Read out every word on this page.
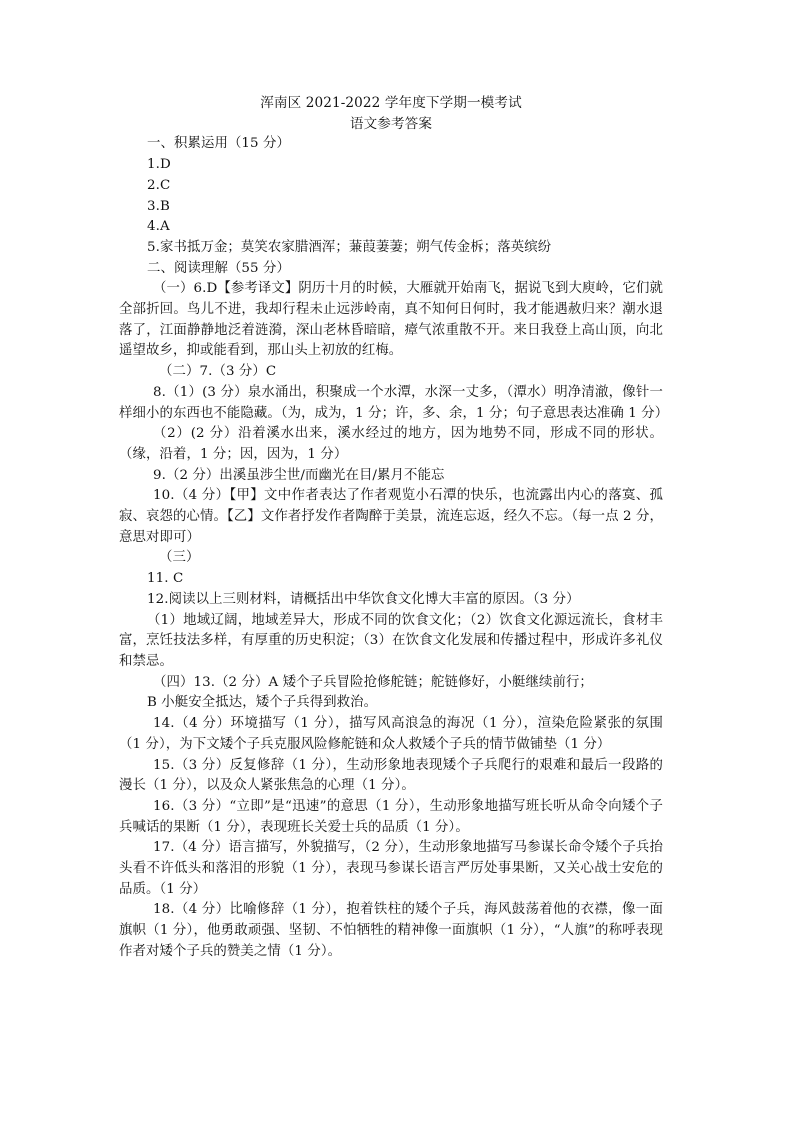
浑南区 2021-2022 学年度下学期一模考试

语文参考答案

一、积累运用（15 分）

1.D

2.C

3.B

4.A

5.家书抵万金；莫笑农家腊酒浑；蒹葭萋萋；朔气传金柝；落英缤纷

二、阅读理解（55 分）

（一）6.D【参考译文】阴历十月的时候，大雁就开始南飞，据说飞到大庾岭，它们就全部折回。鸟儿不进，我却行程未止远涉岭南，真不知何日何时，我才能遇赦归来？潮水退落了，江面静静地泛着涟漪，深山老林昏暗暗，瘴气浓重散不开。来日我登上高山顶，向北遥望故乡，抑或能看到，那山头上初放的红梅。

（二）7.（3 分）C

8.（1）(3 分）泉水涌出，积聚成一个水潭，水深一丈多，（潭水）明净清澈，像针一样细小的东西也不能隐藏。（为，成为，1 分；许，多、余，1 分；句子意思表达准确 1 分）

（2）(2 分）沿着溪水出来，溪水经过的地方，因为地势不同，形成不同的形状。（缘，沿着，1 分；因，因为，1 分）

9.（2 分）出溪虽涉尘世/而幽光在目/累月不能忘

10.（4 分）【甲】文中作者表达了作者观览小石潭的快乐，也流露出内心的落寞、孤寂、哀怨的心情。【乙】文作者抒发作者陶醉于美景，流连忘返，经久不忘。（每一点 2 分，意思对即可）

（三）

11. C

12.阅读以上三则材料，请概括出中华饮食文化博大丰富的原因。（3 分）

（1）地域辽阔，地域差异大，形成不同的饮食文化；（2）饮食文化源远流长，食材丰富，烹饪技法多样，有厚重的历史积淀；（3）在饮食文化发展和传播过程中，形成许多礼仪和禁忌。

（四）13.（2 分）A 矮个子兵冒险抢修舵链；舵链修好，小艇继续前行；

B 小艇安全抵达，矮个子兵得到救治。

14.（4 分）环境描写（1 分），描写风高浪急的海况（1 分），渲染危险紧张的氛围（1 分），为下文矮个子兵克服风险修舵链和众人救矮个子兵的情节做铺垫（1 分）

15.（3 分）反复修辞（1 分），生动形象地表现矮个子兵爬行的艰难和最后一段路的漫长（1 分），以及众人紧张焦急的心理（1 分）。

16.（3 分）“立即”是“迅速”的意思（1 分），生动形象地描写班长听从命令向矮个子兵喊话的果断（1 分），表现班长关爱士兵的品质（1 分）。

17.（4 分）语言描写，外貌描写，（2 分），生动形象地描写马参谋长命令矮个子兵抬头看不许低头和落泪的形貌（1 分），表现马参谋长语言严厉处事果断，又关心战士安危的品质。（1 分）

18.（4 分）比喻修辞（1 分），抱着铁柱的矮个子兵，海风鼓荡着他的衣襟，像一面旗帜（1 分），他勇敢顽强、坚韧、不怕牺牲的精神像一面旗帜（1 分），“人旗”的称呼表现作者对矮个子兵的赞美之情（1 分）。
